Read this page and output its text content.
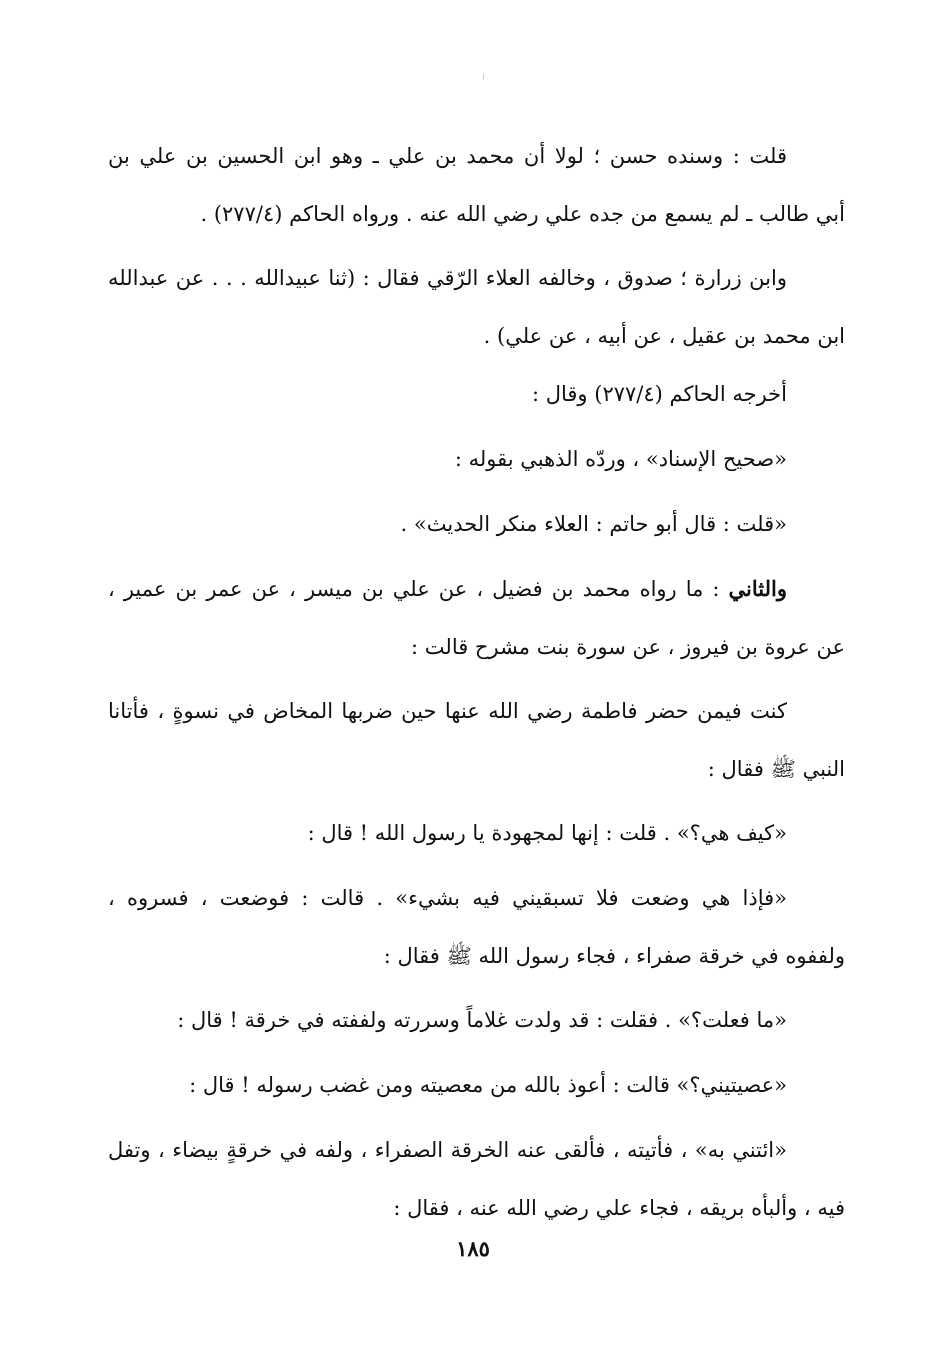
قلت : وسنده حسن ؛ لولا أن محمد بن علي ـ وهو ابن الحسين بن علي بن
أبي طالب ـ لم يسمع من جده علي رضي الله عنه . ورواه الحاكم (٢٧٧/٤) .
وابن زرارة ؛ صدوق ، وخالفه العلاء الرّقي فقال : (ثنا عبيدالله . . . عن عبدالله
ابن محمد بن عقيل ، عن أبيه ، عن علي) .
أخرجه الحاكم (٢٧٧/٤) وقال :
«صحيح الإسناد» ، وردّه الذهبي بقوله :
«قلت : قال أبو حاتم : العلاء منكر الحديث» .
والثاني : ما رواه محمد بن فضيل ، عن علي بن ميسر ، عن عمر بن عمير ،
عن عروة بن فيروز ، عن سورة بنت مشرح قالت :
كنت فيمن حضر فاطمة رضي الله عنها حين ضربها المخاض في نسوةٍ ، فأتانا
النبي ﷺ فقال :
«كيف هي؟» . قلت : إنها لمجهودة يا رسول الله ! قال :
«فإذا هي وضعت فلا تسبقيني فيه بشيء» . قالت : فوضعت ، فسروه ،
ولففوه في خرقة صفراء ، فجاء رسول الله ﷺ فقال :
«ما فعلت؟» . فقلت : قد ولدت غلاماً وسررته ولففته في خرقة ! قال :
«عصيتيني؟» قالت : أعوذ بالله من معصيته ومن غضب رسوله ! قال :
«ائتني به» ، فأتيته ، فألقى عنه الخرقة الصفراء ، ولفه في خرقةٍ بيضاء ، وتفل
فيه ، وألبأه بريقه ، فجاء علي رضي الله عنه ، فقال :
١٨٥
